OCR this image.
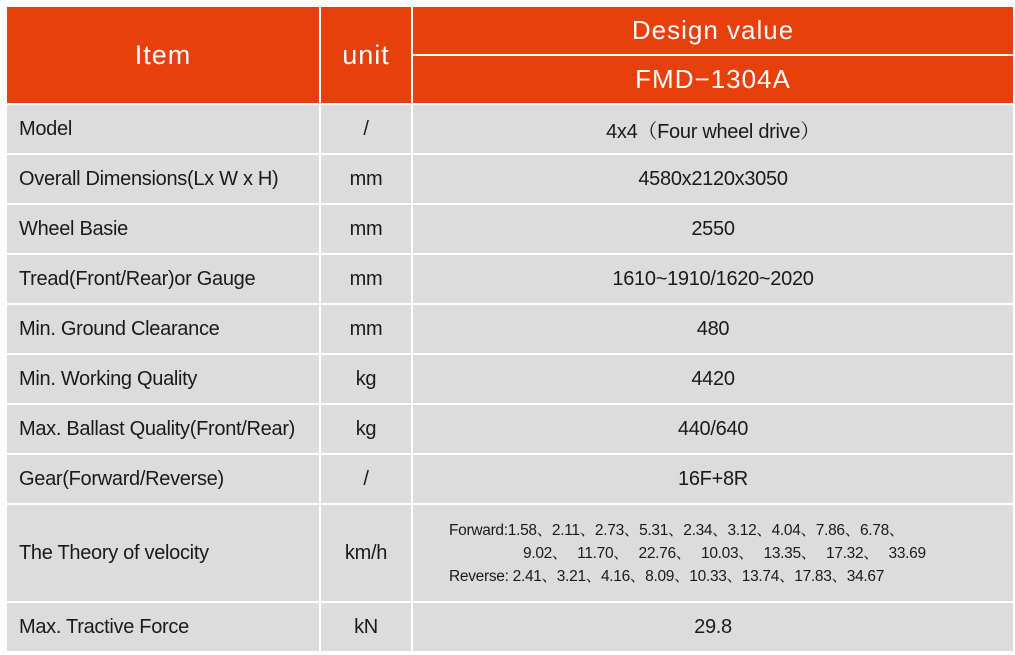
Item	unit	Design value
		FMD−1304A
Model	/	4x4（Four wheel drive）
Overall Dimensions(Lx W x H)	mm	4580x2120x3050
Wheel Basie	mm	2550
Tread(Front/Rear)or Gauge	mm	1610~1910/1620~2020
Min. Ground Clearance	mm	480
Min. Working Quality	kg	4420
Max. Ballast Quality(Front/Rear)	kg	440/640
Gear(Forward/Reverse)	/	16F+8R
The Theory of velocity	km/h	Forward:1.58、2.11、2.73、5.31、2.34、3.12、4.04、7.86、6.78、
9.02、 11.70、 22.76、 10.03、 13.35、 17.32、 33.69
Reverse: 2.41、3.21、4.16、8.09、10.33、13.74、17.83、34.67

Max. Tractive Force	kN	29.8
